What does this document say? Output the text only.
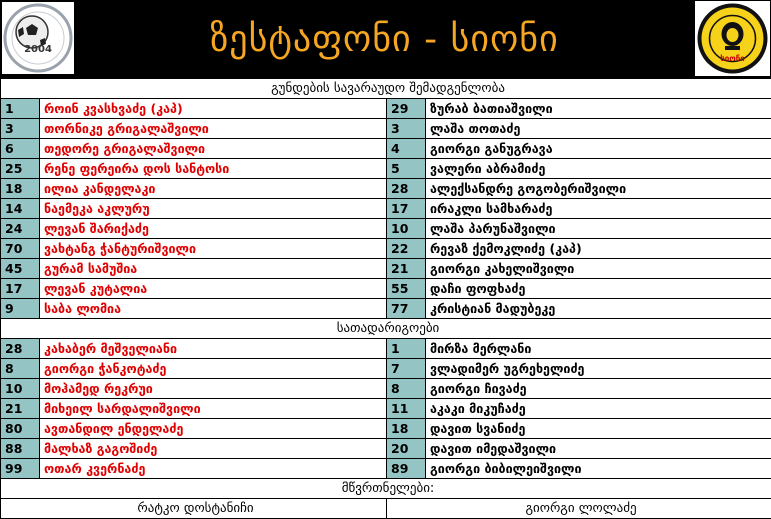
2004	ზესტაფონი - სიონი	სიონი
გუნდების სავარაუდო შემადგენლობა			
1	როინ კვასხვაძე (კაპ)	29	ზურაბ ბათიაშვილი
3	თორნიკე გრიგალაშვილი	3	ლაშა თოთაძე
6	თედორე გრიგალაშვილი	4	გიორგი განუგრავა
25	რენე ფერეირა დოს სანტოსი	5	ვალერი აბრამიძე
18	ილია კანდელაკი	28	ალექსანდრე გოგობერიშვილი
14	ნაემეკა აკლურუ	17	ირაკლი სამხარაძე
24	ლევან შარიქაძე	10	ლაშა პარუნაშვილი
70	ვახტანგ ჭანტურიშვილი	22	რევაზ ქემოკლიძე (კაპ)
45	გურამ სამუშია	21	გიორგი კახელიშვილი
17	ლევან კუტალია	55	დაჩი ფოფხაძე
9	საბა ლომია	77	კრისტიან მადუბეკე
სათადარიგოები			
28	კახაბერ მეშველიანი	1	მირზა მერლანი
8	გიორგი ჭანკოტაძე	7	ვლადიმერ უგრეხელიძე
10	მოჰამედ რეკრუი	8	გიორგი ჩივაძე
21	მიხეილ სარდალიშვილი	11	აკაკი მიკუჩაძე
80	ავთანდილ ენდელაძე	18	დავით სვანიძე
88	მალხაზ გაგოშიძე	20	დავით იმედაშვილი
99	ოთარ კვერნაძე	89	გიორგი ბიბილეიშვილი
მწვრთნელები:			
რატკო დოსტანიჩი		გიორგი ლოლაძე	
